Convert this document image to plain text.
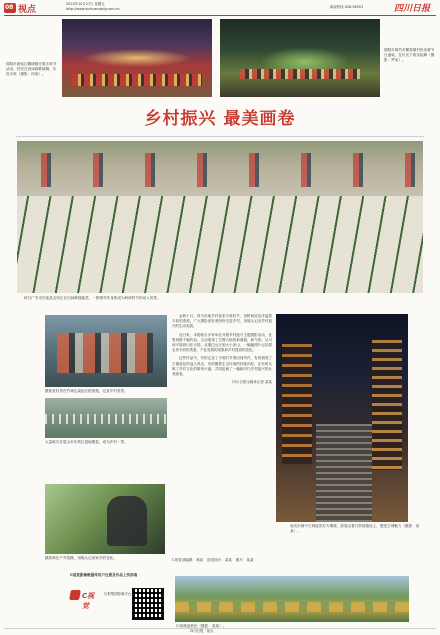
08 视点
2023年10月27日 星期五
http://www.sichuandaily.com.cn	新闻热线 028-96501	四川日报

绵阳市游仙区魏城镇开展丰收节活动，村民在田间载歌载舞，庆祝丰收（摄影：何某）。

德阳市绵竹市麓棠镇村民身着节日盛装，在灯光下欢乐起舞（摄影：罗某）。

乡村振兴 最美画卷

秋日广安市岳池县农民正在田间移栽蔬菜，一排排劳作身影成为秋收时节的动人风景。

摄影爱好者在竹林边架起长枪短炮，记录乡村美景。

大量候鸟在眉山市东坡区湿地栖息，成为乡村一景。

摄影师在户外拍摄，用镜头记录家乡的变化。

金秋十月，四川各地乡村迎来丰收时节，田野间处处洋溢着丰收的喜悦。广大摄影爱好者纷纷走进乡村，用镜头记录乡村振兴的生动实践。

连日来，本报联合多家单位开展乡村振兴主题摄影活动，征集到数千幅作品，生动展现了巴蜀大地的新面貌、新气象。从川西平原到川东丘陵，从秦巴山区到大小凉山，一幅幅照片记录着农民丰收的笑脸、产业发展的成果和乡村建设的变化。

这些作品中，有的记录了丰收时节的田间劳作，有的展现了古镇夜色的迷人风光，有的聚焦生态环境的持续向好，还有的反映了乡村文化的繁荣兴盛，共同绘就了一幅新时代乡村振兴的壮美画卷。

四川日报全媒体记者 某某

C视觉部编辑：林某　视觉设计：某某　图片：某某

南充市阆中古城夜景灯火璀璨，游客沿着石阶拾级而上，感受古城魅力（摄影：某某）。

C视觉影像数据库用户注册及作品上传指南

C视觉
川报集团影像平台

川西林盘秋色（摄影：某某）。

四川日报 · 视点
